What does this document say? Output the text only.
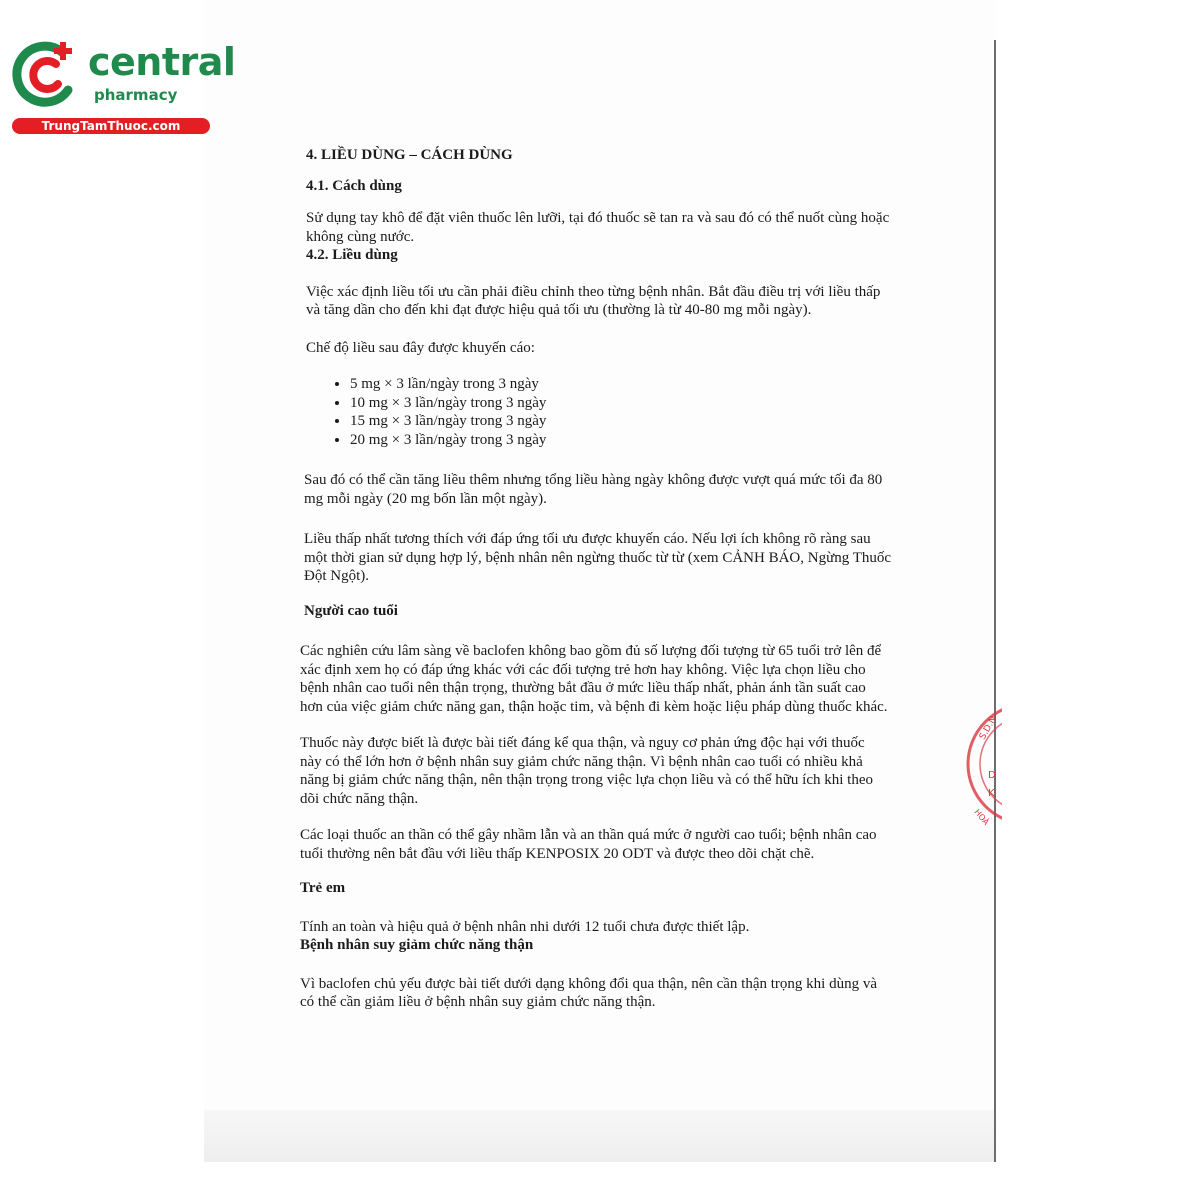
central
pharmacy
TrungTamThuoc.com
4. LIỀU DÙNG – CÁCH DÙNG
4.1. Cách dùng
Sử dụng tay khô để đặt viên thuốc lên lưỡi, tại đó thuốc sẽ tan ra và sau đó có thể nuốt cùng hoặc
không cùng nước.
4.2. Liều dùng
Việc xác định liều tối ưu cần phải điều chỉnh theo từng bệnh nhân. Bắt đầu điều trị với liều thấp
và tăng dần cho đến khi đạt được hiệu quả tối ưu (thường là từ 40-80 mg mỗi ngày).
Chế độ liều sau đây được khuyến cáo:
• 5 mg × 3 lần/ngày trong 3 ngày
• 10 mg × 3 lần/ngày trong 3 ngày
• 15 mg × 3 lần/ngày trong 3 ngày
• 20 mg × 3 lần/ngày trong 3 ngày
Sau đó có thể cần tăng liều thêm nhưng tổng liều hàng ngày không được vượt quá mức tối đa 80
mg mỗi ngày (20 mg bốn lần một ngày).
Liều thấp nhất tương thích với đáp ứng tối ưu được khuyến cáo. Nếu lợi ích không rõ ràng sau
một thời gian sử dụng hợp lý, bệnh nhân nên ngừng thuốc từ từ (xem CẢNH BÁO, Ngừng Thuốc
Đột Ngột).
Người cao tuổi
Các nghiên cứu lâm sàng về baclofen không bao gồm đủ số lượng đối tượng từ 65 tuổi trở lên để
xác định xem họ có đáp ứng khác với các đối tượng trẻ hơn hay không. Việc lựa chọn liều cho
bệnh nhân cao tuổi nên thận trọng, thường bắt đầu ở mức liều thấp nhất, phản ánh tần suất cao
hơn của việc giảm chức năng gan, thận hoặc tim, và bệnh đi kèm hoặc liệu pháp dùng thuốc khác.
Thuốc này được biết là được bài tiết đáng kể qua thận, và nguy cơ phản ứng độc hại với thuốc
này có thể lớn hơn ở bệnh nhân suy giảm chức năng thận. Vì bệnh nhân cao tuổi có nhiều khả
năng bị giảm chức năng thận, nên thận trọng trong việc lựa chọn liều và có thể hữu ích khi theo
dõi chức năng thận.
Các loại thuốc an thần có thể gây nhầm lẫn và an thần quá mức ở người cao tuổi; bệnh nhân cao
tuổi thường nên bắt đầu với liều thấp KENPOSIX 20 ODT và được theo dõi chặt chẽ.
Trẻ em
Tính an toàn và hiệu quả ở bệnh nhân nhi dưới 12 tuổi chưa được thiết lập.
Bệnh nhân suy giảm chức năng thận
Vì baclofen chủ yếu được bài tiết dưới dạng không đổi qua thận, nên cần thận trọng khi dùng và
có thể cần giảm liều ở bệnh nhân suy giảm chức năng thận.
S.D.N
D
K
HOÀ
